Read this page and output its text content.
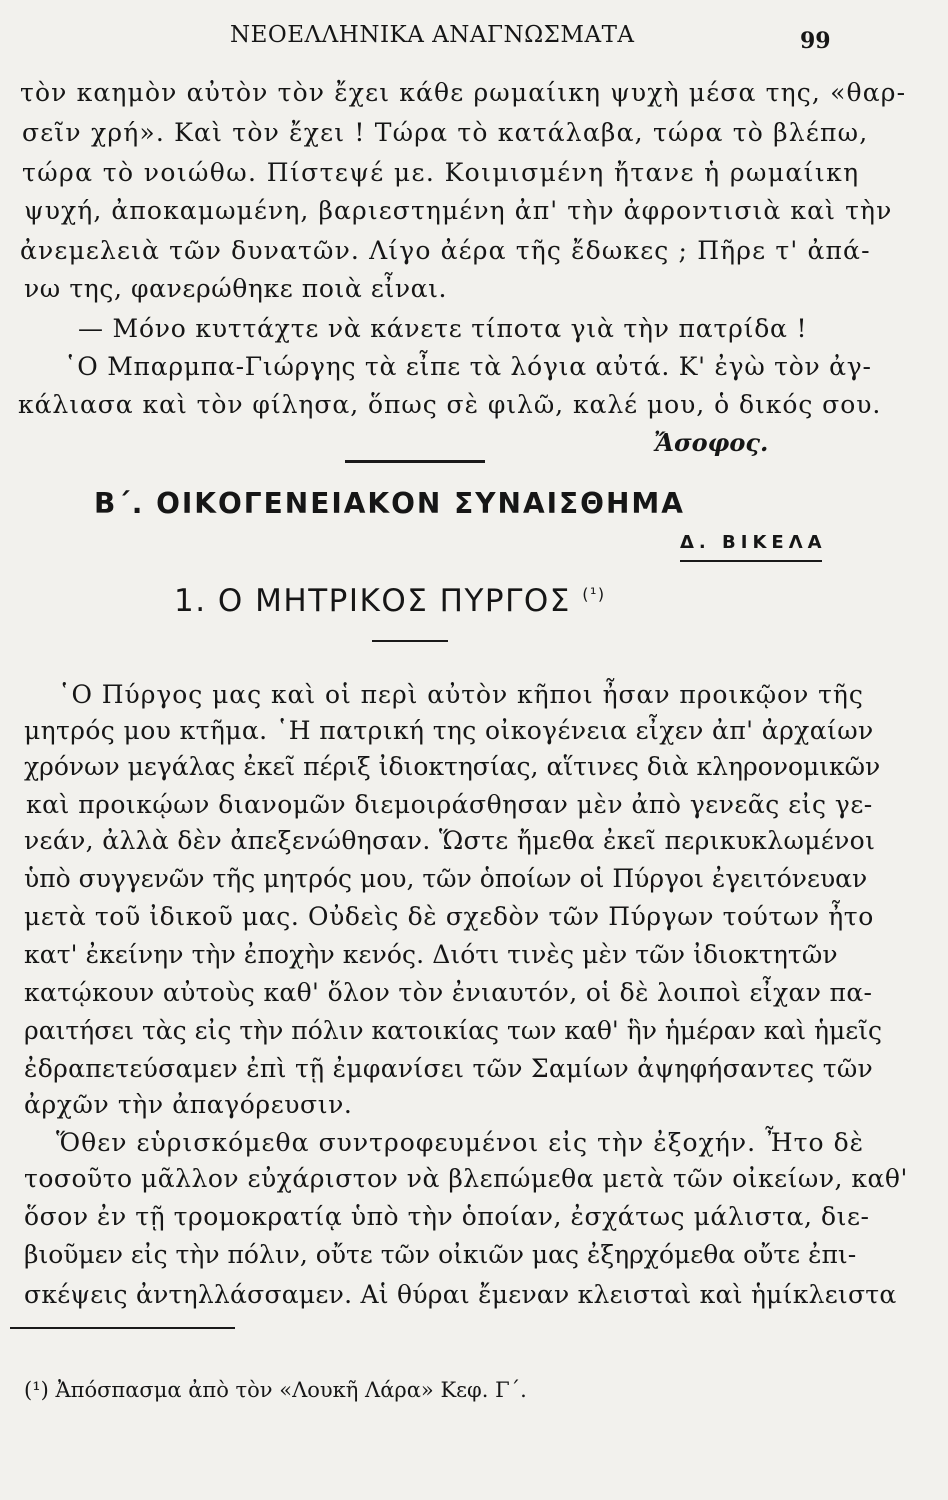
ΝΕΟΕΛΛΗΝΙΚΑ ΑΝΑΓΝΩΣΜΑΤΑ	99
τὸν καημὸν αὐτὸν τὸν ἔχει κάθε ρωμαίικη ψυχὴ μέσα της, «θαρ-
σεῖν χρή». Καὶ τὸν ἔχει ! Τώρα τὸ κατάλαβα, τώρα τὸ βλέπω,
τώρα τὸ νοιώθω. Πίστεψέ με. Κοιμισμένη ἤτανε ἡ ρωμαίικη
ψυχή, ἀποκαμωμένη, βαριεστημένη ἀπ' τὴν ἀφροντισιὰ καὶ τὴν
ἀνεμελειὰ τῶν δυνατῶν. Λίγο ἀέρα τῆς ἔδωκες ; Πῆρε τ' ἀπά-
νω της, φανερώθηκε ποιὰ εἶναι.
— Μόνο κυττάχτε νὰ κάνετε τίποτα γιὰ τὴν πατρίδα !
῾Ο Μπαρμπα-Γιώργης τὰ εἶπε τὰ λόγια αὐτά. Κ' ἐγὼ τὸν ἀγ-
κάλιασα καὶ τὸν φίλησα, ὅπως σὲ φιλῶ, καλέ μου, ὁ δικός σου.
Ἄσοφος.
Β΄. ΟΙΚΟΓΕΝΕΙΑΚΟΝ ΣΥΝΑΙΣΘΗΜΑ
Δ. ΒΙΚΕΛΑ
1. Ο ΜΗΤΡΙΚΟΣ ΠΥΡΓΟΣ $^{(^1)}$
῾Ο Πύργος μας καὶ οἱ περὶ αὐτὸν κῆποι ἦσαν προικῷον τῆς
μητρός μου κτῆμα. ῾Η πατρική της οἰκογένεια εἶχεν ἀπ' ἀρχαίων
χρόνων μεγάλας ἐκεῖ πέριξ ἰδιοκτησίας, αἵτινες διὰ κληρονομικῶν
καὶ προικῴων διανομῶν διεμοιράσθησαν μὲν ἀπὸ γενεᾶς εἰς γε-
νεάν, ἀλλὰ δὲν ἀπεξενώθησαν. Ὥστε ἤμεθα ἐκεῖ περικυκλωμένοι
ὑπὸ συγγενῶν τῆς μητρός μου, τῶν ὁποίων οἱ Πύργοι ἐγειτόνευαν
μετὰ τοῦ ἰδικοῦ μας. Οὐδεὶς δὲ σχεδὸν τῶν Πύργων τούτων ἦτο
κατ' ἐκείνην τὴν ἐποχὴν κενός. Διότι τινὲς μὲν τῶν ἰδιοκτητῶν
κατῴκουν αὐτοὺς καθ' ὅλον τὸν ἐνιαυτόν, οἱ δὲ λοιποὶ εἶχαν πα-
ραιτήσει τὰς εἰς τὴν πόλιν κατοικίας των καθ' ἣν ἡμέραν καὶ ἡμεῖς
ἐδραπετεύσαμεν ἐπὶ τῇ ἐμφανίσει τῶν Σαμίων ἀψηφήσαντες τῶν
ἀρχῶν τὴν ἀπαγόρευσιν.
Ὅθεν εὑρισκόμεθα συντροφευμένοι εἰς τὴν ἐξοχήν. Ἦτο δὲ
τοσοῦτο μᾶλλον εὐχάριστον νὰ βλεπώμεθα μετὰ τῶν οἰκείων, καθ'
ὅσον ἐν τῇ τρομοκρατίᾳ ὑπὸ τὴν ὁποίαν, ἐσχάτως μάλιστα, διε-
βιοῦμεν εἰς τὴν πόλιν, οὔτε τῶν οἰκιῶν μας ἐξηρχόμεθα οὔτε ἐπι-
σκέψεις ἀντηλλάσσαμεν. Αἱ θύραι ἔμεναν κλεισταὶ καὶ ἡμίκλειστα
(¹) Ἀπόσπασμα ἀπὸ τὸν «Λουκῆ Λάρα» Κεφ. Γ΄.
